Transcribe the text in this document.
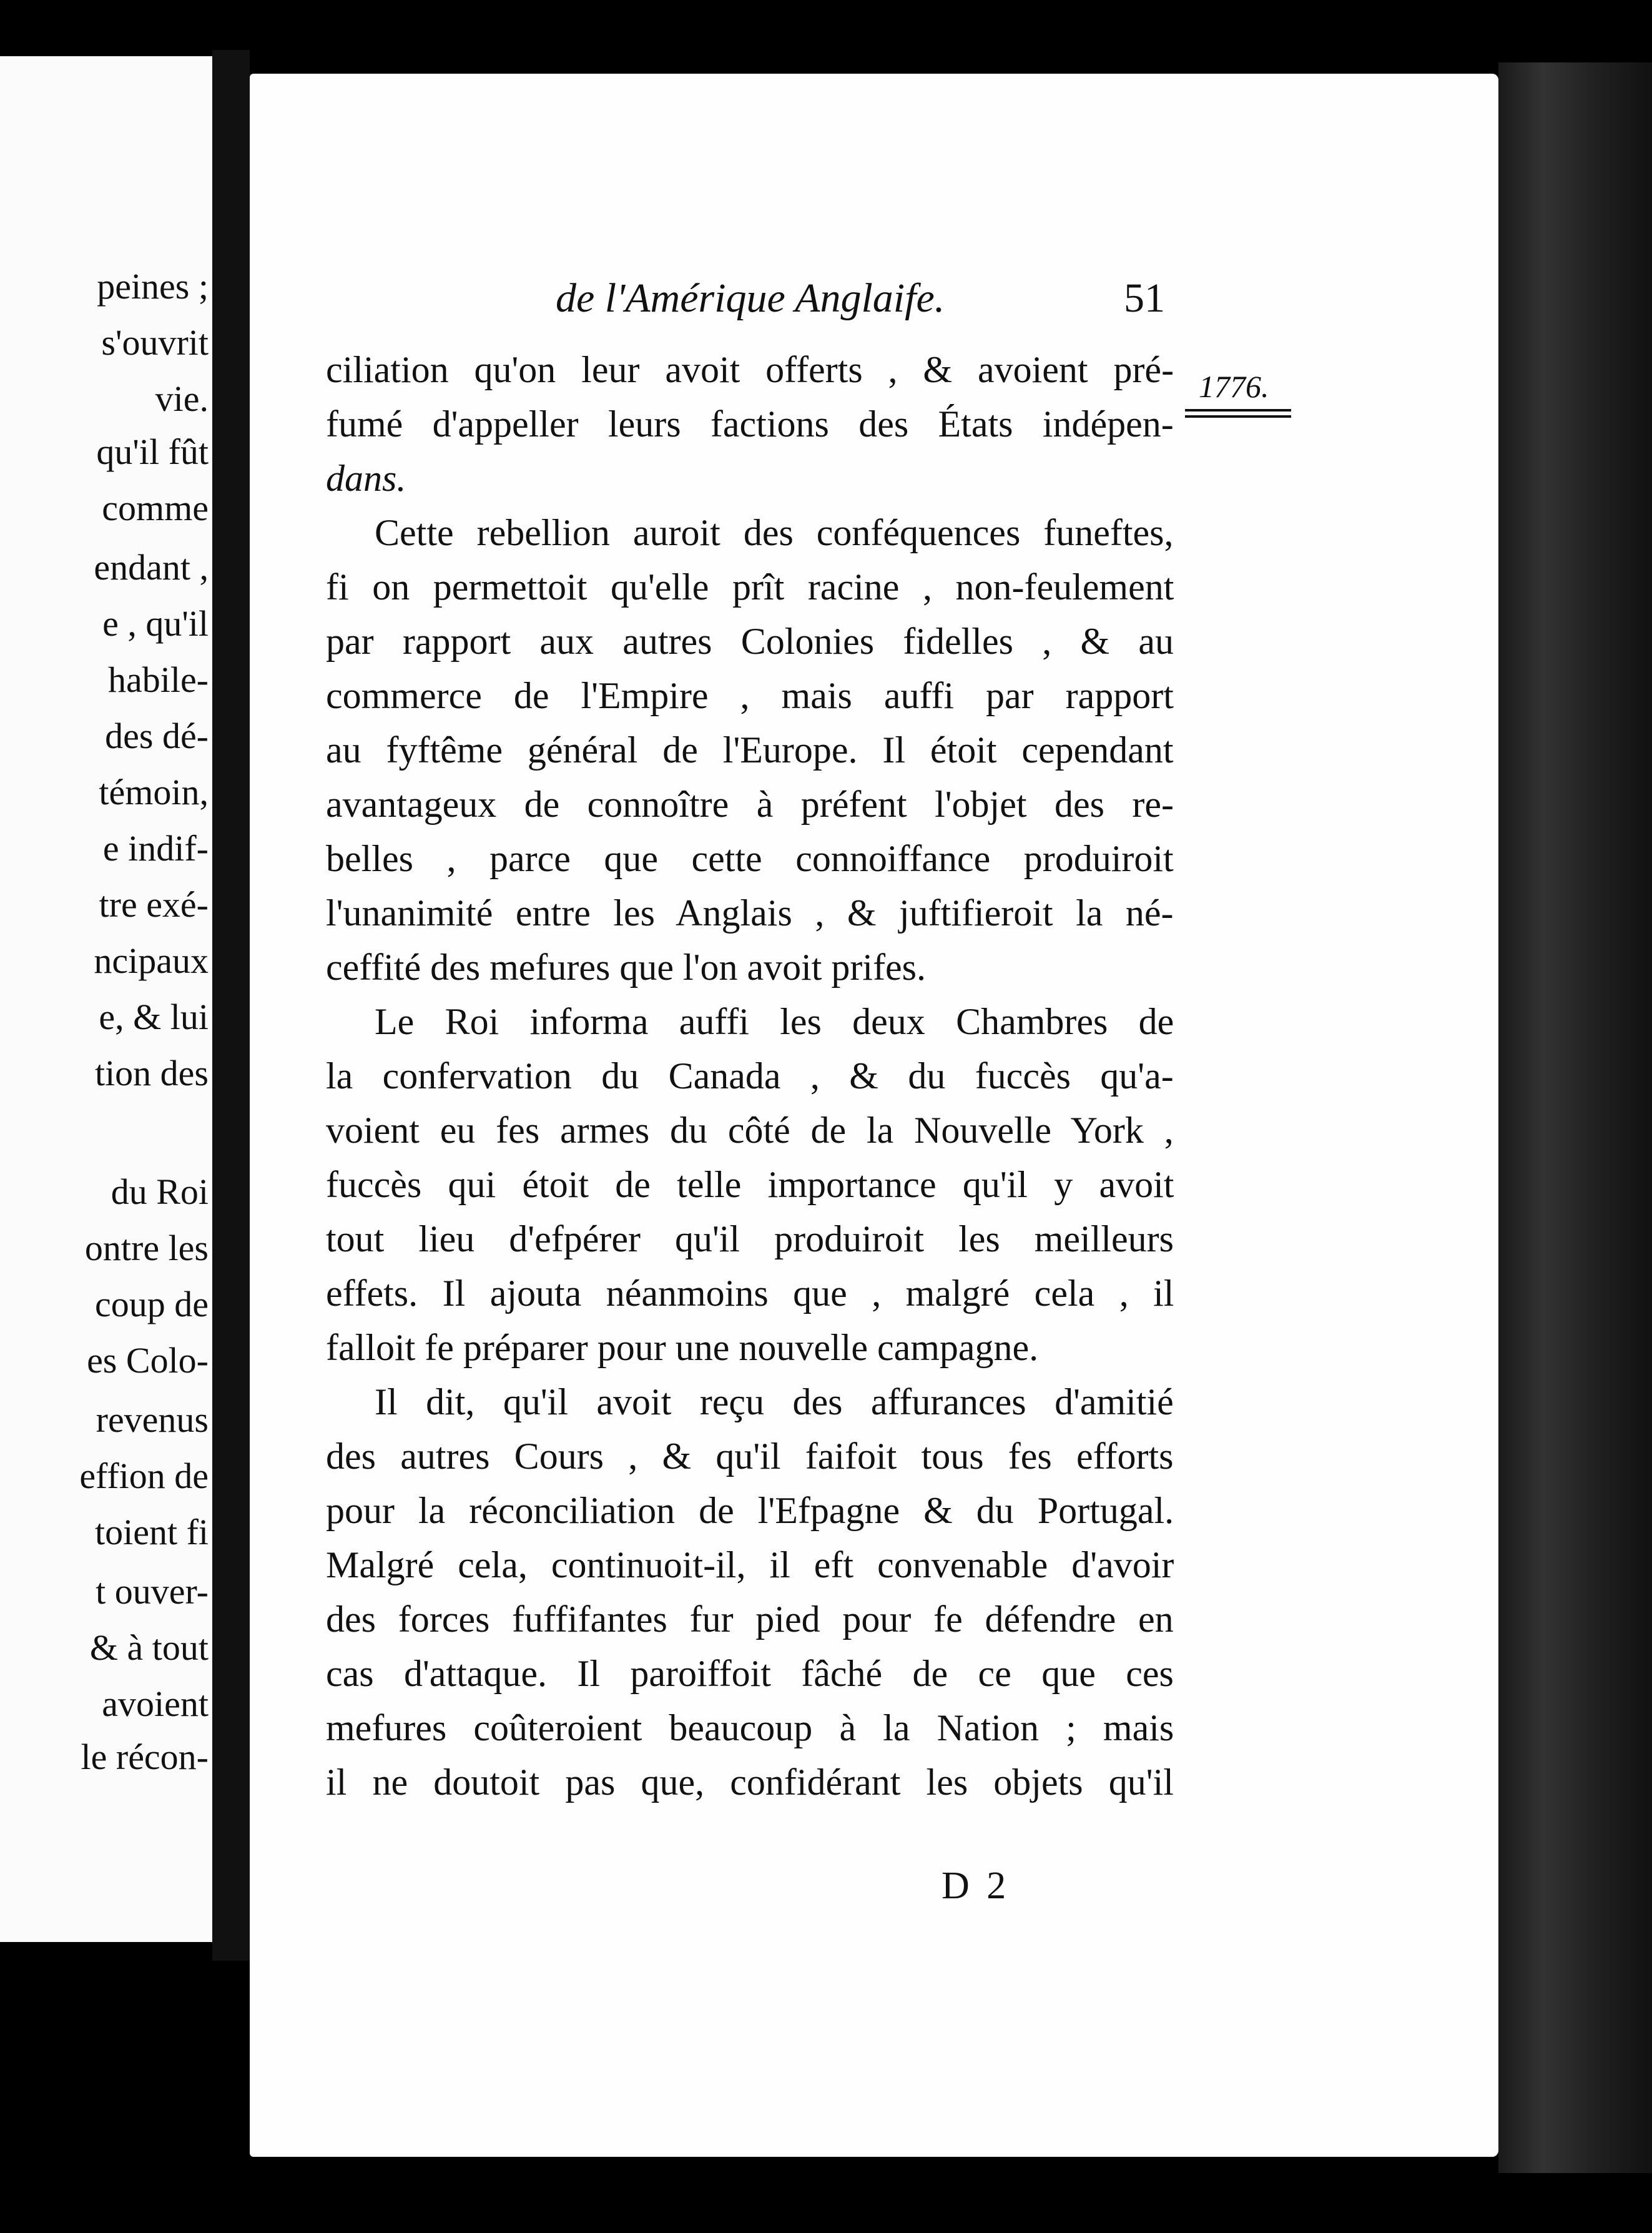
peines ;
s'ouvrit
vie.
qu'il fût
comme
endant ,
e , qu'il
habile-
des dé-
témoin,
e indif-
tre exé-
ncipaux
e, & lui
tion des
du Roi
ontre les
coup de
es Colo-
revenus
effion de
toient fi
t ouver-
& à tout
avoient
le récon-
de l'Amérique Anglaife.	51
1776.
ciliation qu'on leur avoit offerts , & avoient pré-
fumé d'appeller leurs factions des États indépen-
dans.
Cette rebellion auroit des conféquences funeftes,
fi on permettoit qu'elle prît racine , non-feulement
par rapport aux autres Colonies fidelles , & au
commerce de l'Empire , mais auffi par rapport
au fyftême général de l'Europe. Il étoit cependant
avantageux de connoître à préfent l'objet des re-
belles , parce que cette connoiffance produiroit
l'unanimité entre les Anglais , & juftifieroit la né-
ceffité des mefures que l'on avoit prifes.
Le Roi informa auffi les deux Chambres de
la confervation du Canada , & du fuccès qu'a-
voient eu fes armes du côté de la Nouvelle York ,
fuccès qui étoit de telle importance qu'il y avoit
tout lieu d'efpérer qu'il produiroit les meilleurs
effets. Il ajouta néanmoins que , malgré cela , il
falloit fe préparer pour une nouvelle campagne.
Il dit, qu'il avoit reçu des affurances d'amitié
des autres Cours , & qu'il faifoit tous fes efforts
pour la réconciliation de l'Efpagne & du Portugal.
Malgré cela, continuoit-il, il eft convenable d'avoir
des forces fuffifantes fur pied pour fe défendre en
cas d'attaque. Il paroiffoit fâché de ce que ces
mefures coûteroient beaucoup à la Nation ; mais
il ne doutoit pas que, confidérant les objets qu'il
D 2
